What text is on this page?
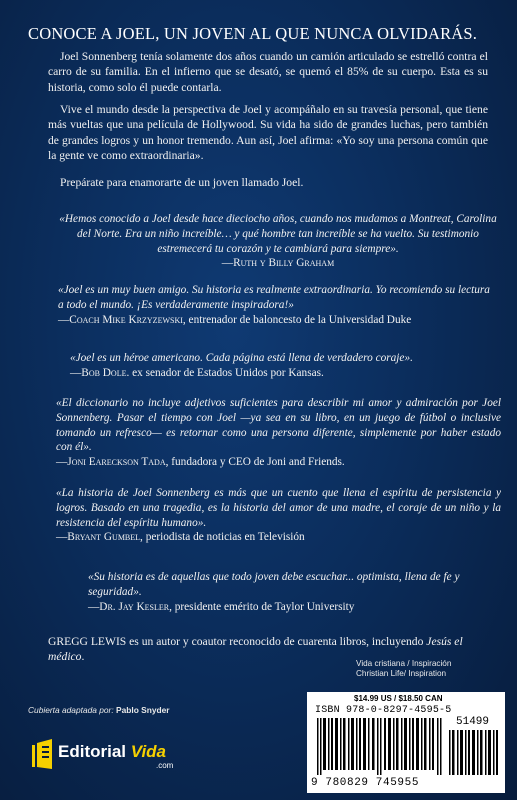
CONOCE A JOEL, UN JOVEN AL QUE NUNCA OLVIDARÁS.
Joel Sonnenberg tenía solamente dos años cuando un camión articulado se estrelló contra el carro de su familia. En el infierno que se desató, se quemó el 85% de su cuerpo. Esta es su historia, como solo él puede contarla.
Vive el mundo desde la perspectiva de Joel y acompáñalo en su travesía personal, que tiene más vueltas que una película de Hollywood. Su vida ha sido de grandes luchas, pero también de grandes logros y un honor tremendo. Aun así, Joel afirma: «Yo soy una persona común que la gente ve como extraordinaria».
Prepárate para enamorarte de un joven llamado Joel.
«Hemos conocido a Joel desde hace dieciocho años, cuando nos mudamos a Montreat, Carolina del Norte. Era un niño increíble… y qué hombre tan increíble se ha vuelto. Su testimonio estremecerá tu corazón y te cambiará para siempre».
—Ruth y Billy Graham
«Joel es un muy buen amigo. Su historia es realmente extraordinaria. Yo recomiendo su lectura a todo el mundo. ¡Es verdaderamente inspiradora!»
—Coach Mike Krzyzewski, entrenador de baloncesto de la Universidad Duke
«Joel es un héroe americano. Cada página está llena de verdadero coraje».
—Bob Dole. ex senador de Estados Unidos por Kansas.
«El diccionario no incluye adjetivos suficientes para describir mi amor y admiración por Joel Sonnenberg. Pasar el tiempo con Joel —ya sea en su libro, en un juego de fútbol o inclusive tomando un refresco— es retornar como una persona diferente, simplemente por haber estado con él».
—Joni Eareckson Tada, fundadora y CEO de Joni and Friends.
«La historia de Joel Sonnenberg es más que un cuento que llena el espíritu de persistencia y logros. Basado en una tragedia, es la historia del amor de una madre, el coraje de un niño y la resistencia del espíritu humano».
—Bryant Gumbel, periodista de noticias en Televisión
«Su historia es de aquellas que todo joven debe escuchar... optimista, llena de fe y seguridad».
—Dr. Jay Kesler, presidente emérito de Taylor University
GREGG LEWIS es un autor y coautor reconocido de cuarenta libros, incluyendo Jesús el médico.
Vida cristiana / Inspiración
Christian Life/ Inspiration
$14.99 US / $18.50 CAN
ISBN 978-0-8297-4595-5
51499
9 780829 745955
Cubierta adaptada por: Pablo Snyder
Editorial Vida
.com
